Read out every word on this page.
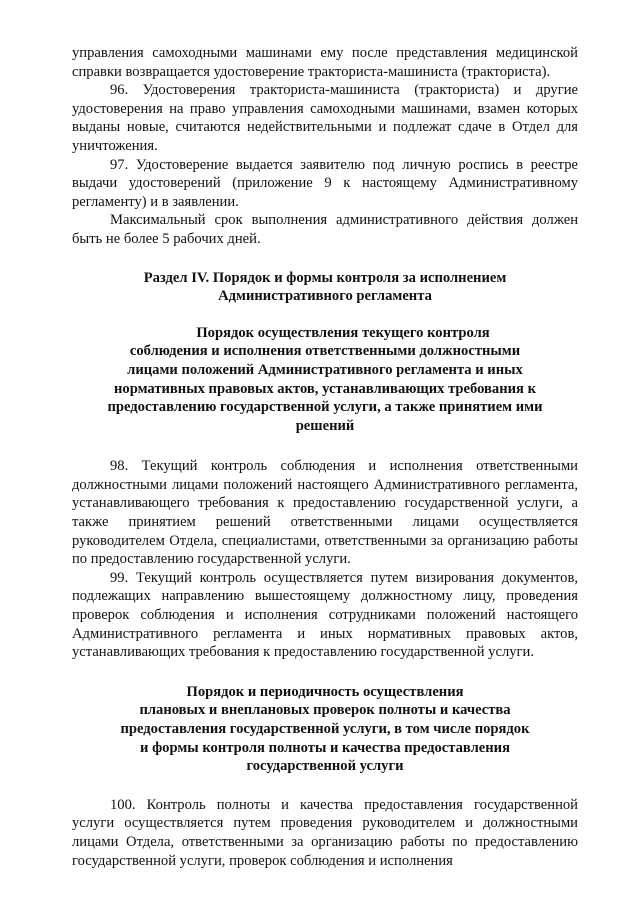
управления самоходными машинами ему после представления медицинской справки возвращается удостоверение тракториста-машиниста (тракториста).

96. Удостоверения тракториста-машиниста (тракториста) и другие удостоверения на право управления самоходными машинами, взамен которых выданы новые, считаются недействительными и подлежат сдаче в Отдел для уничтожения.

97. Удостоверение выдается заявителю под личную роспись в реестре выдачи удостоверений (приложение 9 к настоящему Административному регламенту) и в заявлении.

Максимальный срок выполнения административного действия должен быть не более 5 рабочих дней.

Раздел IV. Порядок и формы контроля за исполнением
Административного регламента
Порядок осуществления текущего контроля
соблюдения и исполнения ответственными должностными
лицами положений Административного регламента и иных
нормативных правовых актов, устанавливающих требования к
предоставлению государственной услуги, а также принятием ими
решений

98. Текущий контроль соблюдения и исполнения ответственными должностными лицами положений настоящего Административного регламента, устанавливающего требования к предоставлению государственной услуги, а также принятием решений ответственными лицами осуществляется руководителем Отдела, специалистами, ответственными за организацию работы по предоставлению государственной услуги.

99. Текущий контроль осуществляется путем визирования документов, подлежащих направлению вышестоящему должностному лицу, проведения проверок соблюдения и исполнения сотрудниками положений настоящего Административного регламента и иных нормативных правовых актов, устанавливающих требования к предоставлению государственной услуги.

Порядок и периодичность осуществления
плановых и внеплановых проверок полноты и качества
предоставления государственной услуги, в том числе порядок
и формы контроля полноты и качества предоставления
государственной услуги

100. Контроль полноты и качества предоставления государственной услуги осуществляется путем проведения руководителем и должностными лицами Отдела, ответственными за организацию работы по предоставлению государственной услуги, проверок соблюдения и исполнения
